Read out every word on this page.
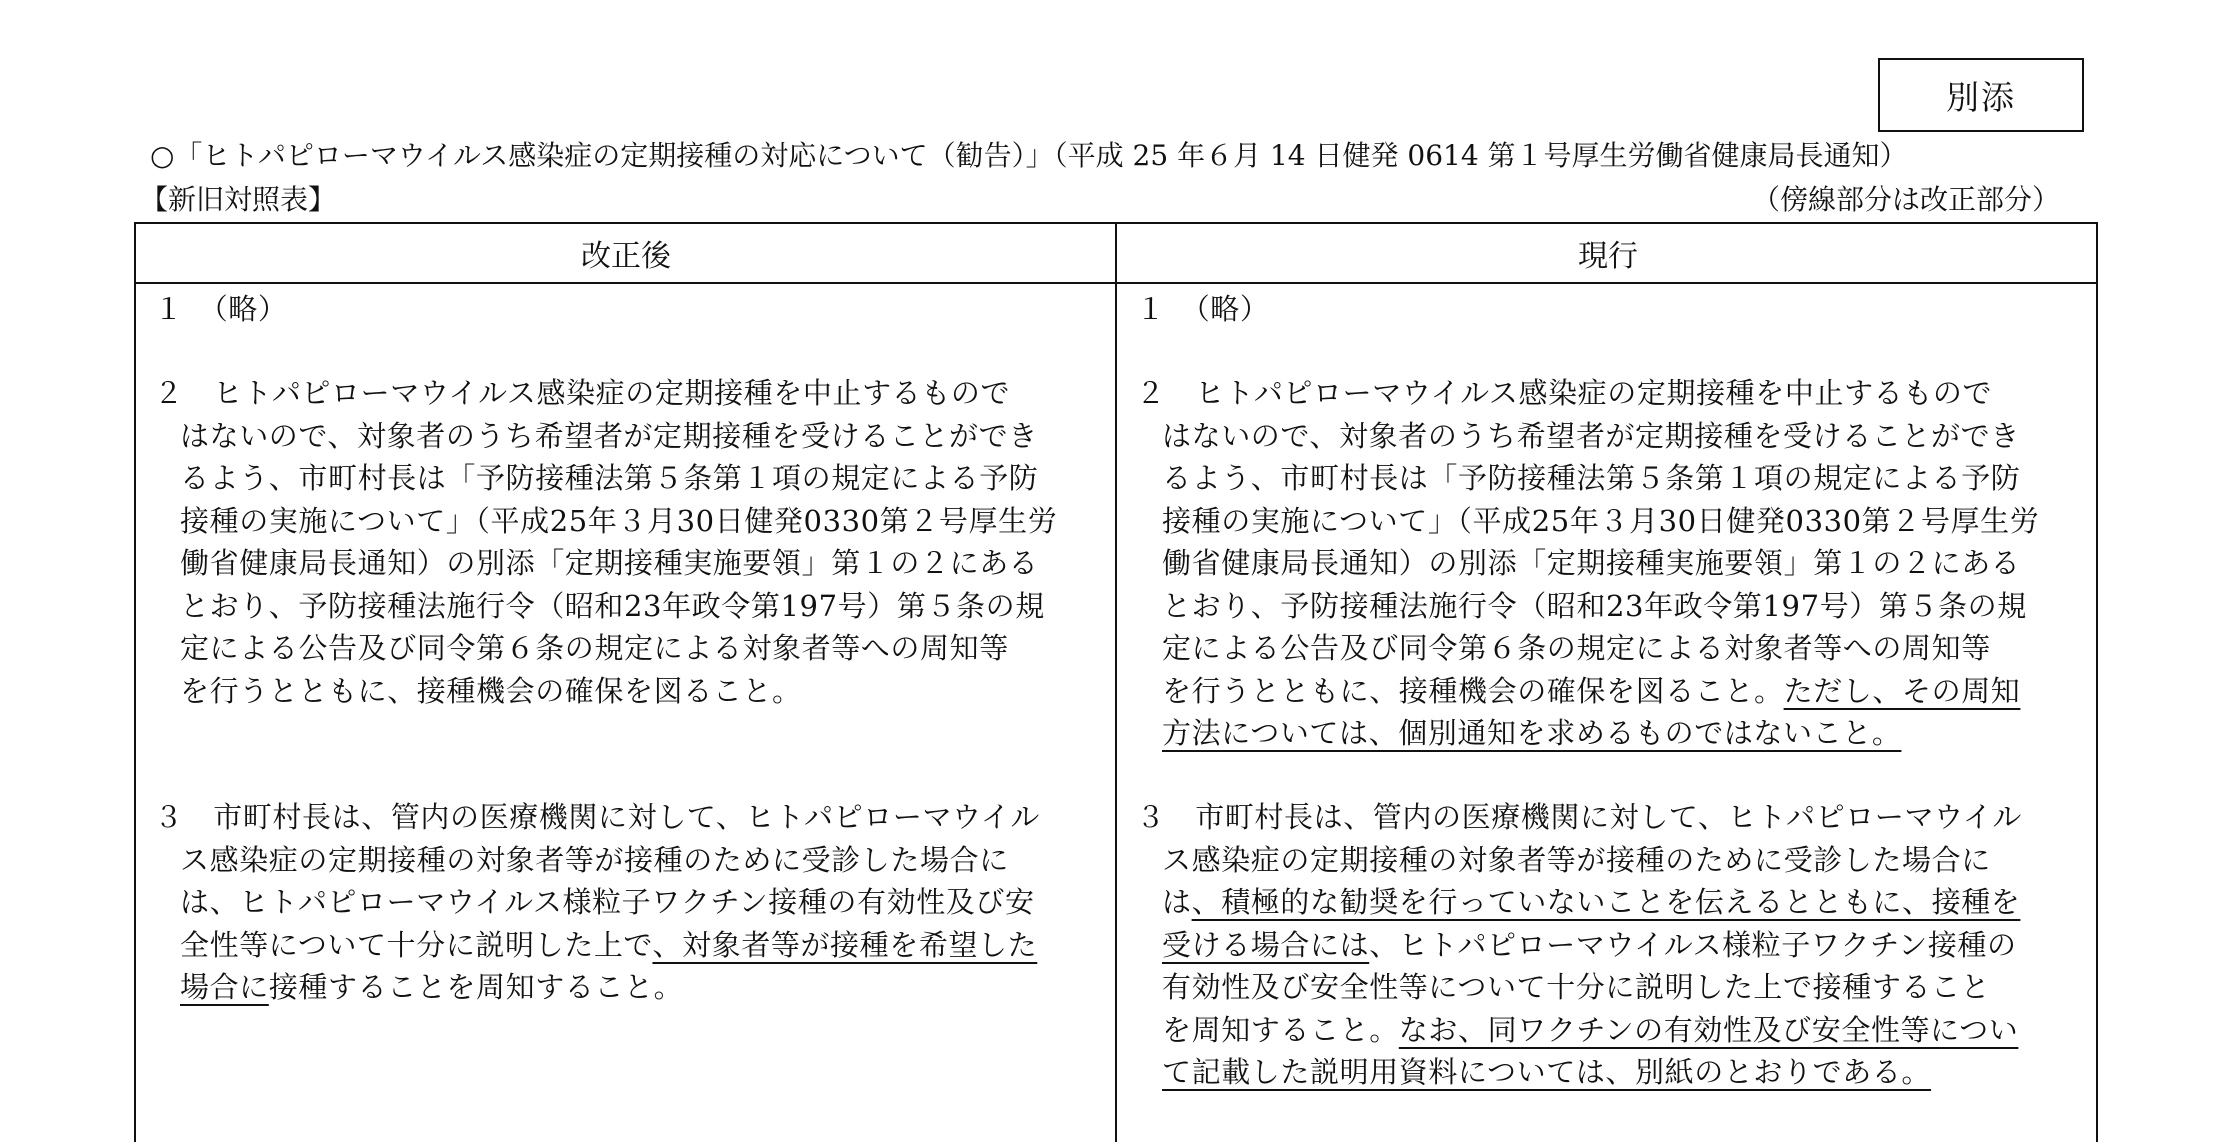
別添
○「ヒトパピローマウイルス感染症の定期接種の対応について（勧告）」（平成 25 年６月 14 日健発 0614 第１号厚生労働省健康局長通知）
【新旧対照表】	（傍線部分は改正部分）
改正後	現行
１　（略）
２　ヒトパピローマウイルス感染症の定期接種を中止するもので
はないので、対象者のうち希望者が定期接種を受けることができ
るよう、市町村長は「予防接種法第５条第１項の規定による予防
接種の実施について」（平成25年３月30日健発0330第２号厚生労
働省健康局長通知）の別添「定期接種実施要領」第１の２にある
とおり、予防接種法施行令（昭和23年政令第197号）第５条の規
定による公告及び同令第６条の規定による対象者等への周知等
を行うとともに、接種機会の確保を図ること。
３　市町村長は、管内の医療機関に対して、ヒトパピローマウイル
ス感染症の定期接種の対象者等が接種のために受診した場合に
は、ヒトパピローマウイルス様粒子ワクチン接種の有効性及び安
全性等について十分に説明した上で、対象者等が接種を希望した
場合に接種することを周知すること。
１　（略）
２　ヒトパピローマウイルス感染症の定期接種を中止するもので
はないので、対象者のうち希望者が定期接種を受けることができ
るよう、市町村長は「予防接種法第５条第１項の規定による予防
接種の実施について」（平成25年３月30日健発0330第２号厚生労
働省健康局長通知）の別添「定期接種実施要領」第１の２にある
とおり、予防接種法施行令（昭和23年政令第197号）第５条の規
定による公告及び同令第６条の規定による対象者等への周知等
を行うとともに、接種機会の確保を図ること。ただし、その周知
方法については、個別通知を求めるものではないこと。
３　市町村長は、管内の医療機関に対して、ヒトパピローマウイル
ス感染症の定期接種の対象者等が接種のために受診した場合に
は、積極的な勧奨を行っていないことを伝えるとともに、接種を
受ける場合には、ヒトパピローマウイルス様粒子ワクチン接種の
有効性及び安全性等について十分に説明した上で接種すること
を周知すること。なお、同ワクチンの有効性及び安全性等につい
て記載した説明用資料については、別紙のとおりである。
